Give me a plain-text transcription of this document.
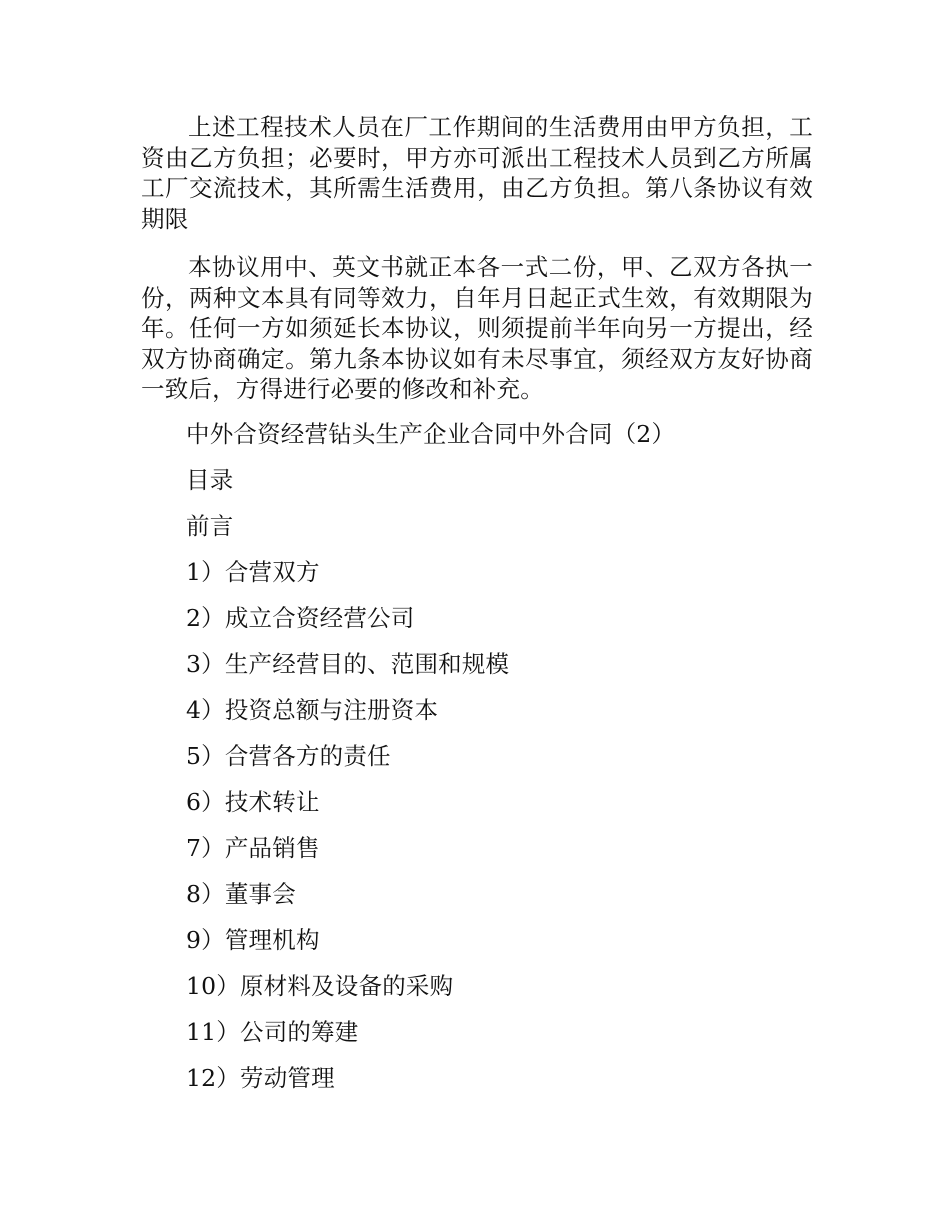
上述工程技术人员在厂工作期间的生活费用由甲方负担，工资由乙方负担；必要时，甲方亦可派出工程技术人员到乙方所属工厂交流技术，其所需生活费用，由乙方负担。第八条协议有效期限

本协议用中、英文书就正本各一式二份，甲、乙双方各执一份，两种文本具有同等效力，自年月日起正式生效，有效期限为年。任何一方如须延长本协议，则须提前半年向另一方提出，经双方协商确定。第九条本协议如有未尽事宜，须经双方友好协商一致后，方得进行必要的修改和补充。

中外合资经营钻头生产企业合同中外合同（2）

目录

前言

1）合营双方

2）成立合资经营公司

3）生产经营目的、范围和规模

4）投资总额与注册资本

5）合营各方的责任

6）技术转让

7）产品销售

8）董事会

9）管理机构

10）原材料及设备的采购

11）公司的筹建

12）劳动管理
